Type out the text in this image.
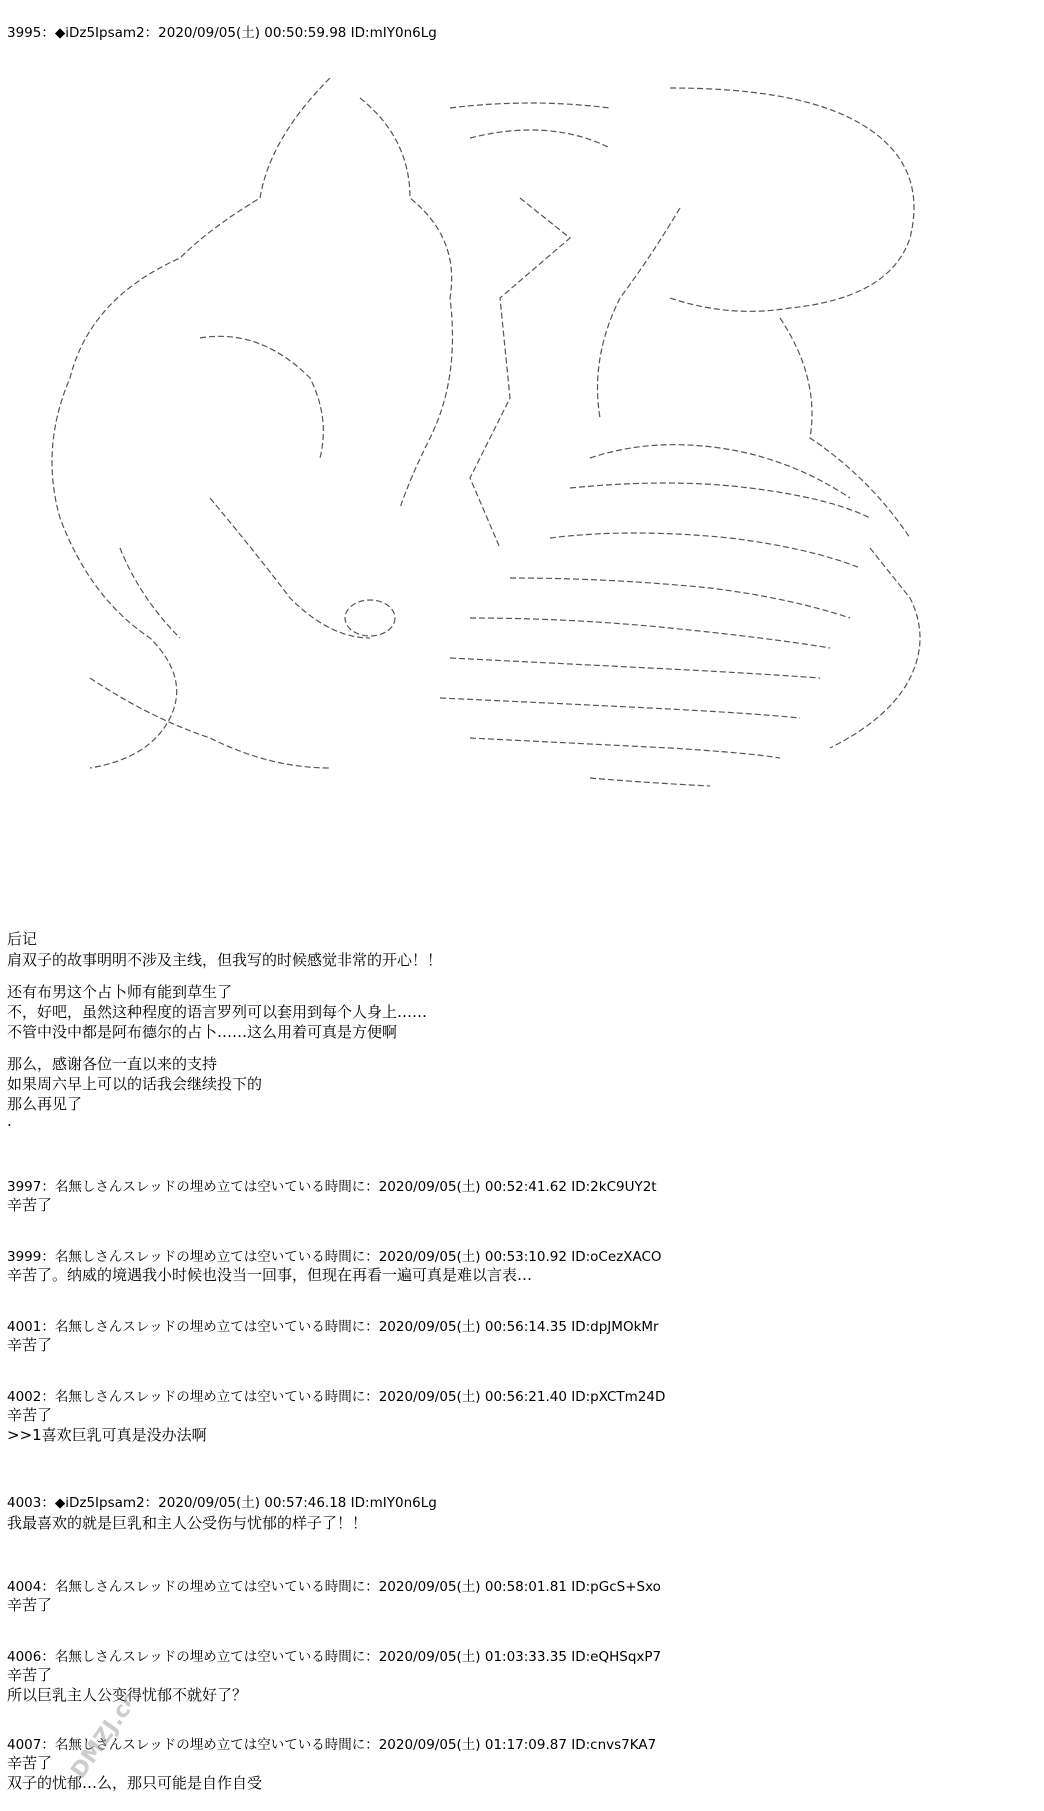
3995：◆iDz5Ipsam2：2020/09/05(土) 00:50:59.98 ID:mIY0n6Lg
3997：名無しさんスレッドの埋め立ては空いている時間に：2020/09/05(土) 00:52:41.62 ID:2kC9UY2t
3999：名無しさんスレッドの埋め立ては空いている時間に：2020/09/05(土) 00:53:10.92 ID:oCezXACO
4001：名無しさんスレッドの埋め立ては空いている時間に：2020/09/05(土) 00:56:14.35 ID:dpJMOkMr
4002：名無しさんスレッドの埋め立ては空いている時間に：2020/09/05(土) 00:56:21.40 ID:pXCTm24D
4003：◆iDz5Ipsam2：2020/09/05(土) 00:57:46.18 ID:mIY0n6Lg
4004：名無しさんスレッドの埋め立ては空いている時間に：2020/09/05(土) 00:58:01.81 ID:pGcS+Sxo
4006：名無しさんスレッドの埋め立ては空いている時間に：2020/09/05(土) 01:03:33.35 ID:eQHSqxP7
4007：名無しさんスレッドの埋め立ては空いている時間に：2020/09/05(土) 01:17:09.87 ID:cnvs7KA7
后记
肩双子的故事明明不涉及主线，但我写的时候感觉非常的开心！！
还有布男这个占卜师有能到草生了
不，好吧，虽然这种程度的语言罗列可以套用到每个人身上……
不管中没中都是阿布德尔的占卜……这么用着可真是方便啊
那么，感谢各位一直以来的支持
如果周六早上可以的话我会继续投下的
那么再见了
.
辛苦了
辛苦了。纳威的境遇我小时候也没当一回事，但现在再看一遍可真是难以言表…
辛苦了
辛苦了
>>1喜欢巨乳可真是没办法啊
我最喜欢的就是巨乳和主人公受伤与忧郁的样子了！！
辛苦了
辛苦了
所以巨乳主人公变得忧郁不就好了？
辛苦了
双子的忧郁…么，那只可能是自作自受
DMZJ.com
